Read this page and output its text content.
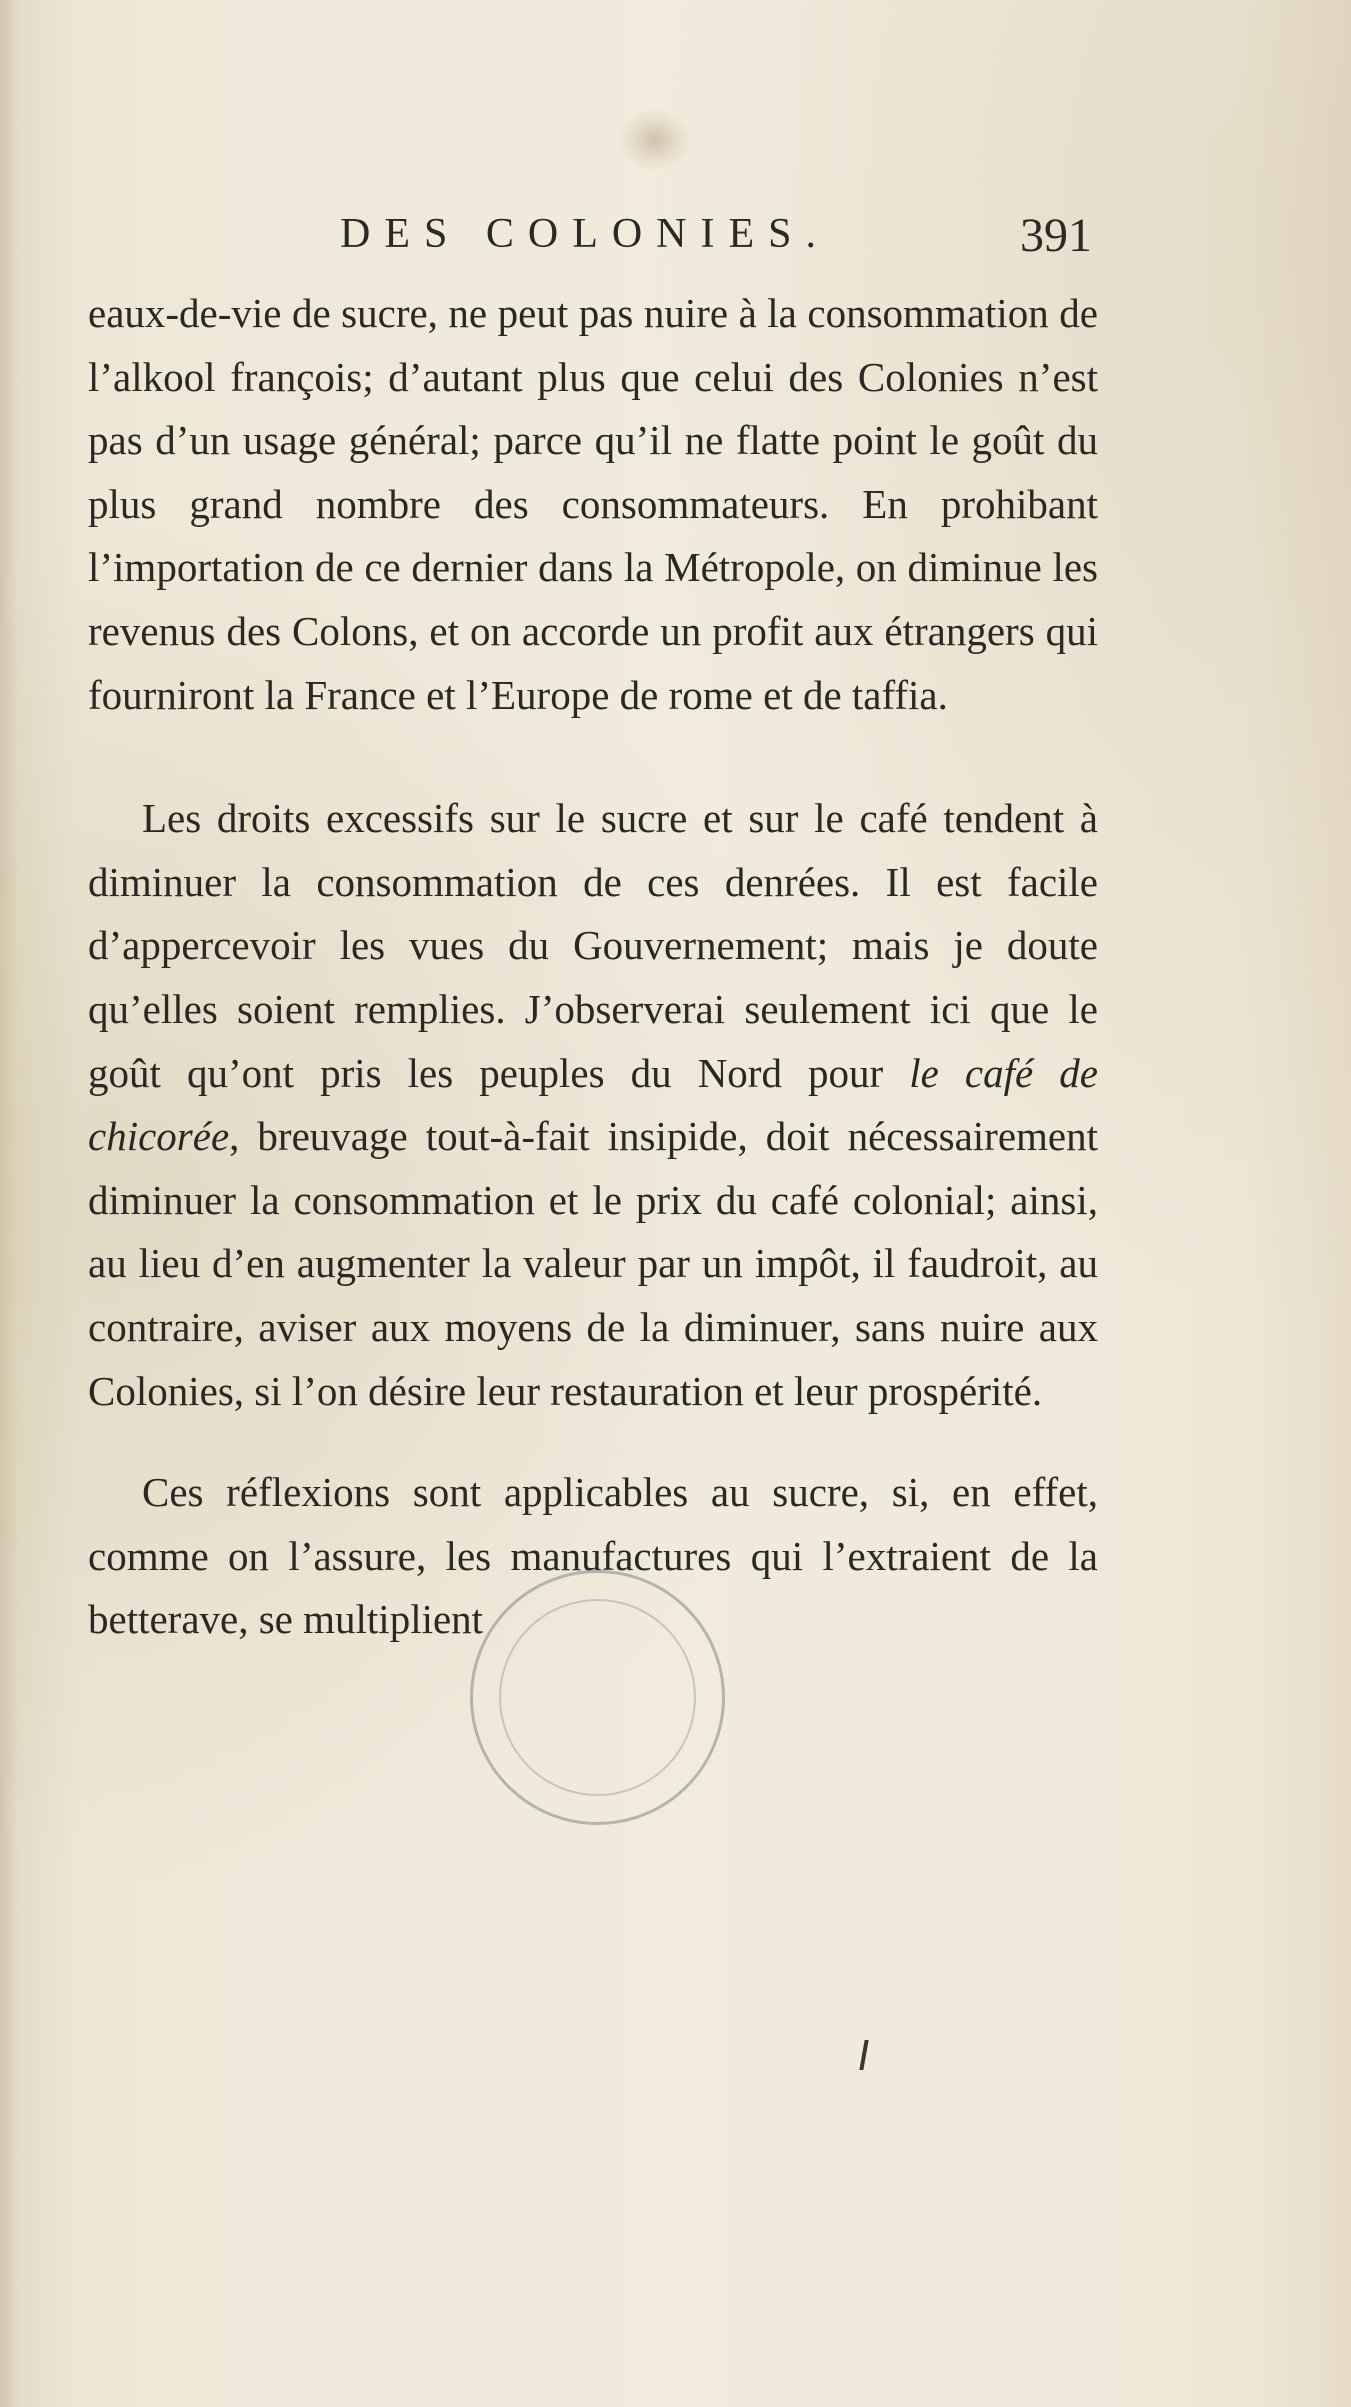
DES COLONIES.	391

eaux-de-vie de sucre, ne peut pas nuire à la consommation de l’alkool françois; d’autant plus que celui des Colonies n’est pas d’un usage général; parce qu’il ne flatte point le goût du plus grand nombre des consommateurs. En prohibant l’importation de ce dernier dans la Métropole, on diminue les revenus des Colons, et on accorde un profit aux étrangers qui fourniront la France et l’Europe de rome et de taffia.

Les droits excessifs sur le sucre et sur le café tendent à diminuer la consommation de ces denrées. Il est facile d’appercevoir les vues du Gouvernement; mais je doute qu’elles soient remplies. J’observerai seulement ici que le goût qu’ont pris les peuples du Nord pour le café de chicorée, breuvage tout-à-fait insipide, doit nécessairement diminuer la consommation et le prix du café colonial; ainsi, au lieu d’en augmenter la valeur par un impôt, il faudroit, au contraire, aviser aux moyens de la diminuer, sans nuire aux Colonies, si l’on désire leur restauration et leur prospérité.

Ces réflexions sont applicables au sucre, si, en effet, comme on l’assure, les manufactures qui l’extraient de la betterave, se multiplient
